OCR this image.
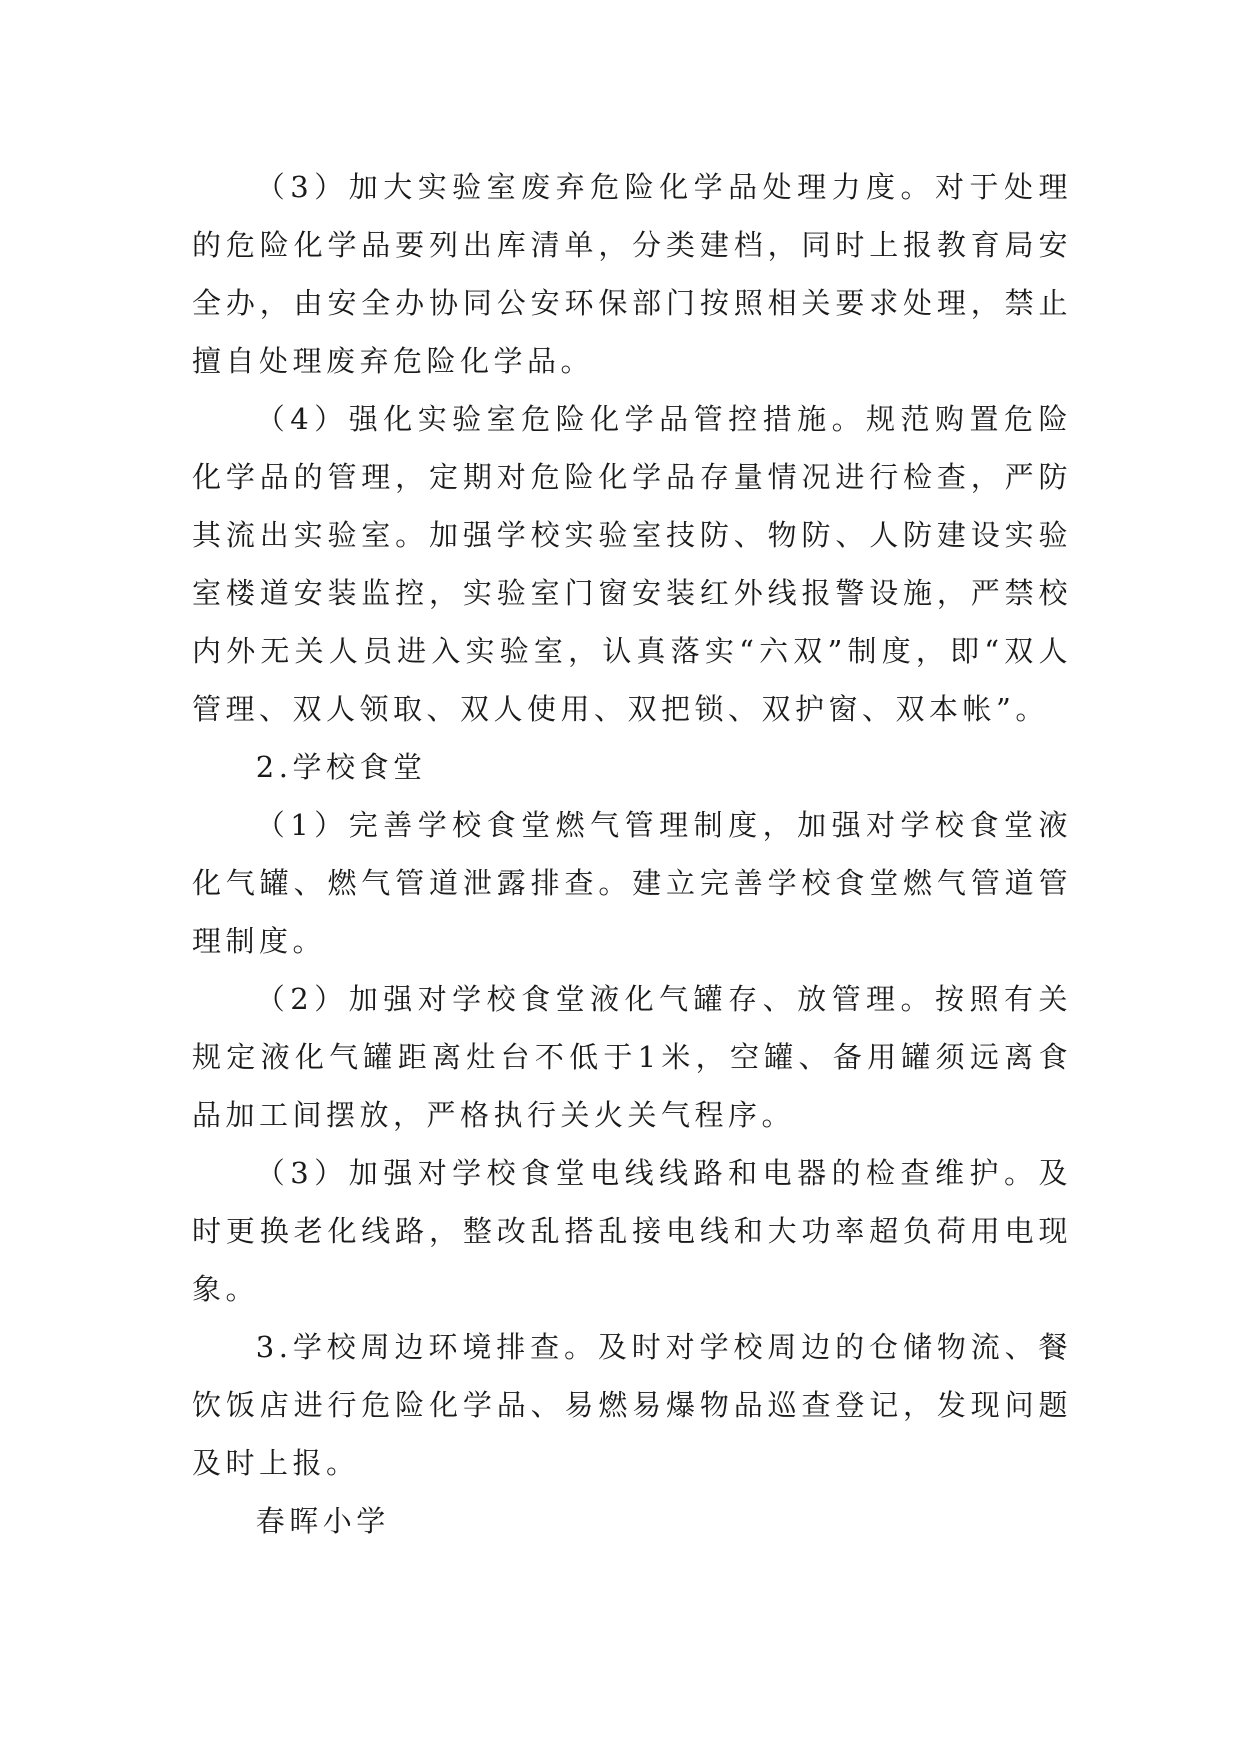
（3）加大实验室废弃危险化学品处理力度。对于处理的危险化学品要列出库清单，分类建档，同时上报教育局安全办，由安全办协同公安环保部门按照相关要求处理，禁止擅自处理废弃危险化学品。

（4）强化实验室危险化学品管控措施。规范购置危险化学品的管理，定期对危险化学品存量情况进行检查，严防其流出实验室。加强学校实验室技防、物防、人防建设实验室楼道安装监控，实验室门窗安装红外线报警设施，严禁校内外无关人员进入实验室，认真落实“六双”制度，即“双人管理、双人领取、双人使用、双把锁、双护窗、双本帐”。

2.学校食堂

（1）完善学校食堂燃气管理制度，加强对学校食堂液化气罐、燃气管道泄露排查。建立完善学校食堂燃气管道管理制度。

（2）加强对学校食堂液化气罐存、放管理。按照有关规定液化气罐距离灶台不低于1米，空罐、备用罐须远离食品加工间摆放，严格执行关火关气程序。

（3）加强对学校食堂电线线路和电器的检查维护。及时更换老化线路，整改乱搭乱接电线和大功率超负荷用电现象。

3.学校周边环境排查。及时对学校周边的仓储物流、餐饮饭店进行危险化学品、易燃易爆物品巡查登记，发现问题及时上报。

春晖小学
